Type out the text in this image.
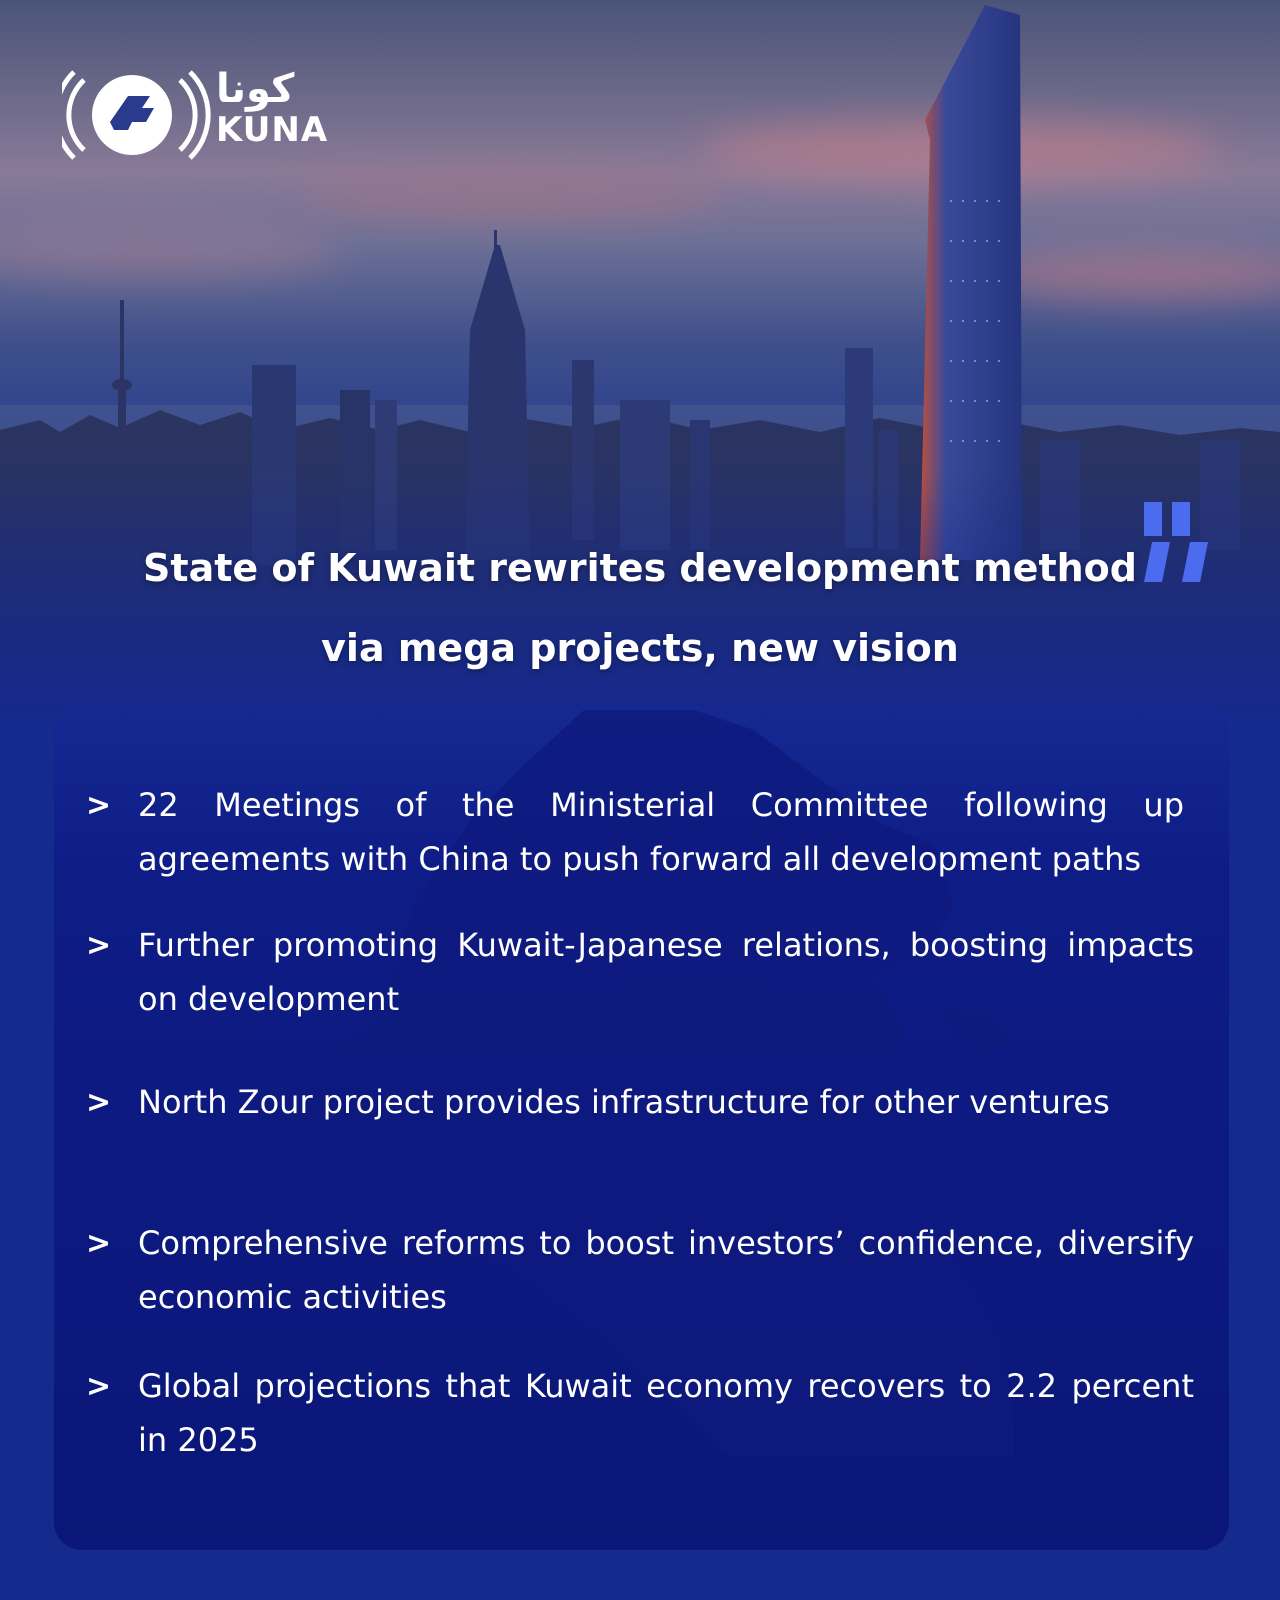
كونا
KUNA
State of Kuwait rewrites development method
via mega projects, new vision
> 22 Meetings of the Ministerial Committee following up agreements with China to push forward all development paths
> Further promoting Kuwait-Japanese relations, boosting impacts on development
> North Zour project provides infrastructure for other ventures
> Comprehensive reforms to boost investors’ confidence, diversify economic activities
> Global projections that Kuwait economy recovers to 2.2 percent in 2025
